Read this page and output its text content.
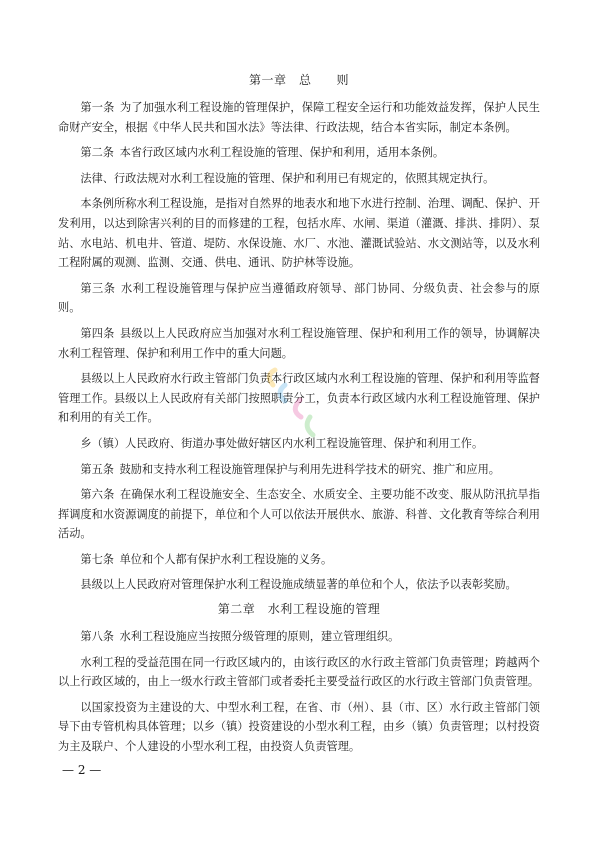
第一章　总　　则

第一条 为了加强水利工程设施的管理保护，保障工程安全运行和功能效益发挥，保护人民生命财产安全，根据《中华人民共和国水法》等法律、行政法规，结合本省实际，制定本条例。

第二条 本省行政区域内水利工程设施的管理、保护和利用，适用本条例。

法律、行政法规对水利工程设施的管理、保护和利用已有规定的，依照其规定执行。

本条例所称水利工程设施，是指对自然界的地表水和地下水进行控制、治理、调配、保护、开发利用，以达到除害兴利的目的而修建的工程，包括水库、水闸、渠道（灌溉、排洪、排阴）、泵站、水电站、机电井、管道、堤防、水保设施、水厂、水池、灌溉试验站、水文测站等，以及水利工程附属的观测、监测、交通、供电、通讯、防护林等设施。

第三条 水利工程设施管理与保护应当遵循政府领导、部门协同、分级负责、社会参与的原则。

第四条 县级以上人民政府应当加强对水利工程设施管理、保护和利用工作的领导，协调解决水利工程管理、保护和利用工作中的重大问题。

县级以上人民政府水行政主管部门负责本行政区域内水利工程设施的管理、保护和利用等监督管理工作。县级以上人民政府有关部门按照职责分工，负责本行政区域内水利工程设施管理、保护和利用的有关工作。

乡（镇）人民政府、街道办事处做好辖区内水利工程设施管理、保护和利用工作。

第五条 鼓励和支持水利工程设施管理保护与利用先进科学技术的研究、推广和应用。

第六条 在确保水利工程设施安全、生态安全、水质安全、主要功能不改变、服从防汛抗旱指挥调度和水资源调度的前提下，单位和个人可以依法开展供水、旅游、科普、文化教育等综合利用活动。

第七条 单位和个人都有保护水利工程设施的义务。

县级以上人民政府对管理保护水利工程设施成绩显著的单位和个人，依法予以表彰奖励。

第二章　水利工程设施的管理

第八条 水利工程设施应当按照分级管理的原则，建立管理组织。

水利工程的受益范围在同一行政区域内的，由该行政区的水行政主管部门负责管理；跨越两个以上行政区域的，由上一级水行政主管部门或者委托主要受益行政区的水行政主管部门负责管理。

以国家投资为主建设的大、中型水利工程，在省、市（州）、县（市、区）水行政主管部门领导下由专管机构具体管理；以乡（镇）投资建设的小型水利工程，由乡（镇）负责管理；以村投资为主及联户、个人建设的小型水利工程，由投资人负责管理。

— 2 —
